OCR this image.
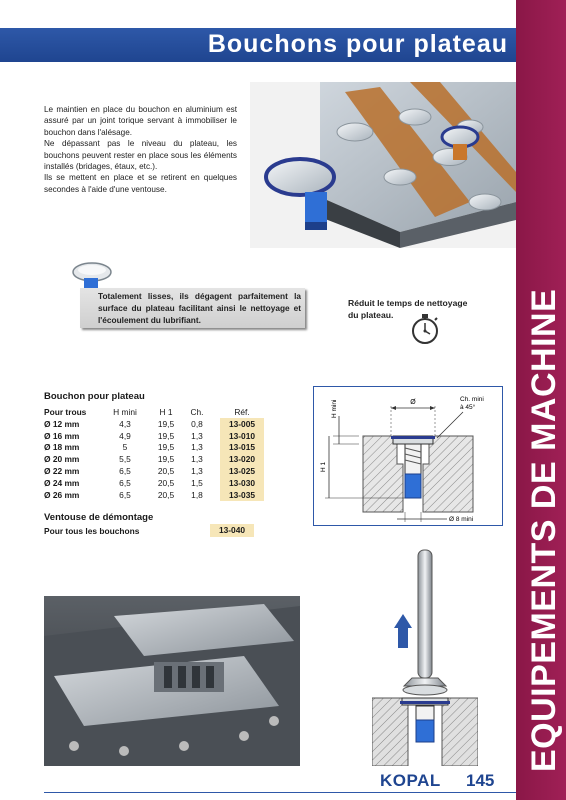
Bouchons pour plateau
EQUIPEMENTS DE MACHINE

Le maintien en place du bouchon en aluminium est assuré par un joint torique servant à immobiliser le bouchon dans l'alésage.

Ne dépassant pas le niveau du plateau, les bouchons peuvent rester en place sous les éléments installés (bridages, étaux, etc.).

Ils se mettent en place et se retirent en quelques secondes à l'aide d'une ventouse.

Totalement lisses, ils dégagent parfaitement la surface du plateau facilitant ainsi le nettoyage et l'écoulement du lubrifiant.
Réduit le temps de nettoyage
du plateau.
Bouchon pour plateau
Pour trous	H mini	H 1	Ch.		Réf.
Ø 12 mm	4,3	19,5	0,8		13-005
Ø 16 mm	4,9	19,5	1,3		13-010
Ø 18 mm	5	19,5	1,3		13-015
Ø 20 mm	5,5	19,5	1,3		13-020
Ø 22 mm	6,5	20,5	1,3		13-025
Ø 24 mm	6,5	20,5	1,5		13-030
Ø 26 mm	6,5	20,5	1,8		13-035
Ventouse de démontage
Pour tous les bouchons	13-040
Ø	Ch. mini
à 45°
H mini
H 1
Ø 8 mini
KOPAL 145
